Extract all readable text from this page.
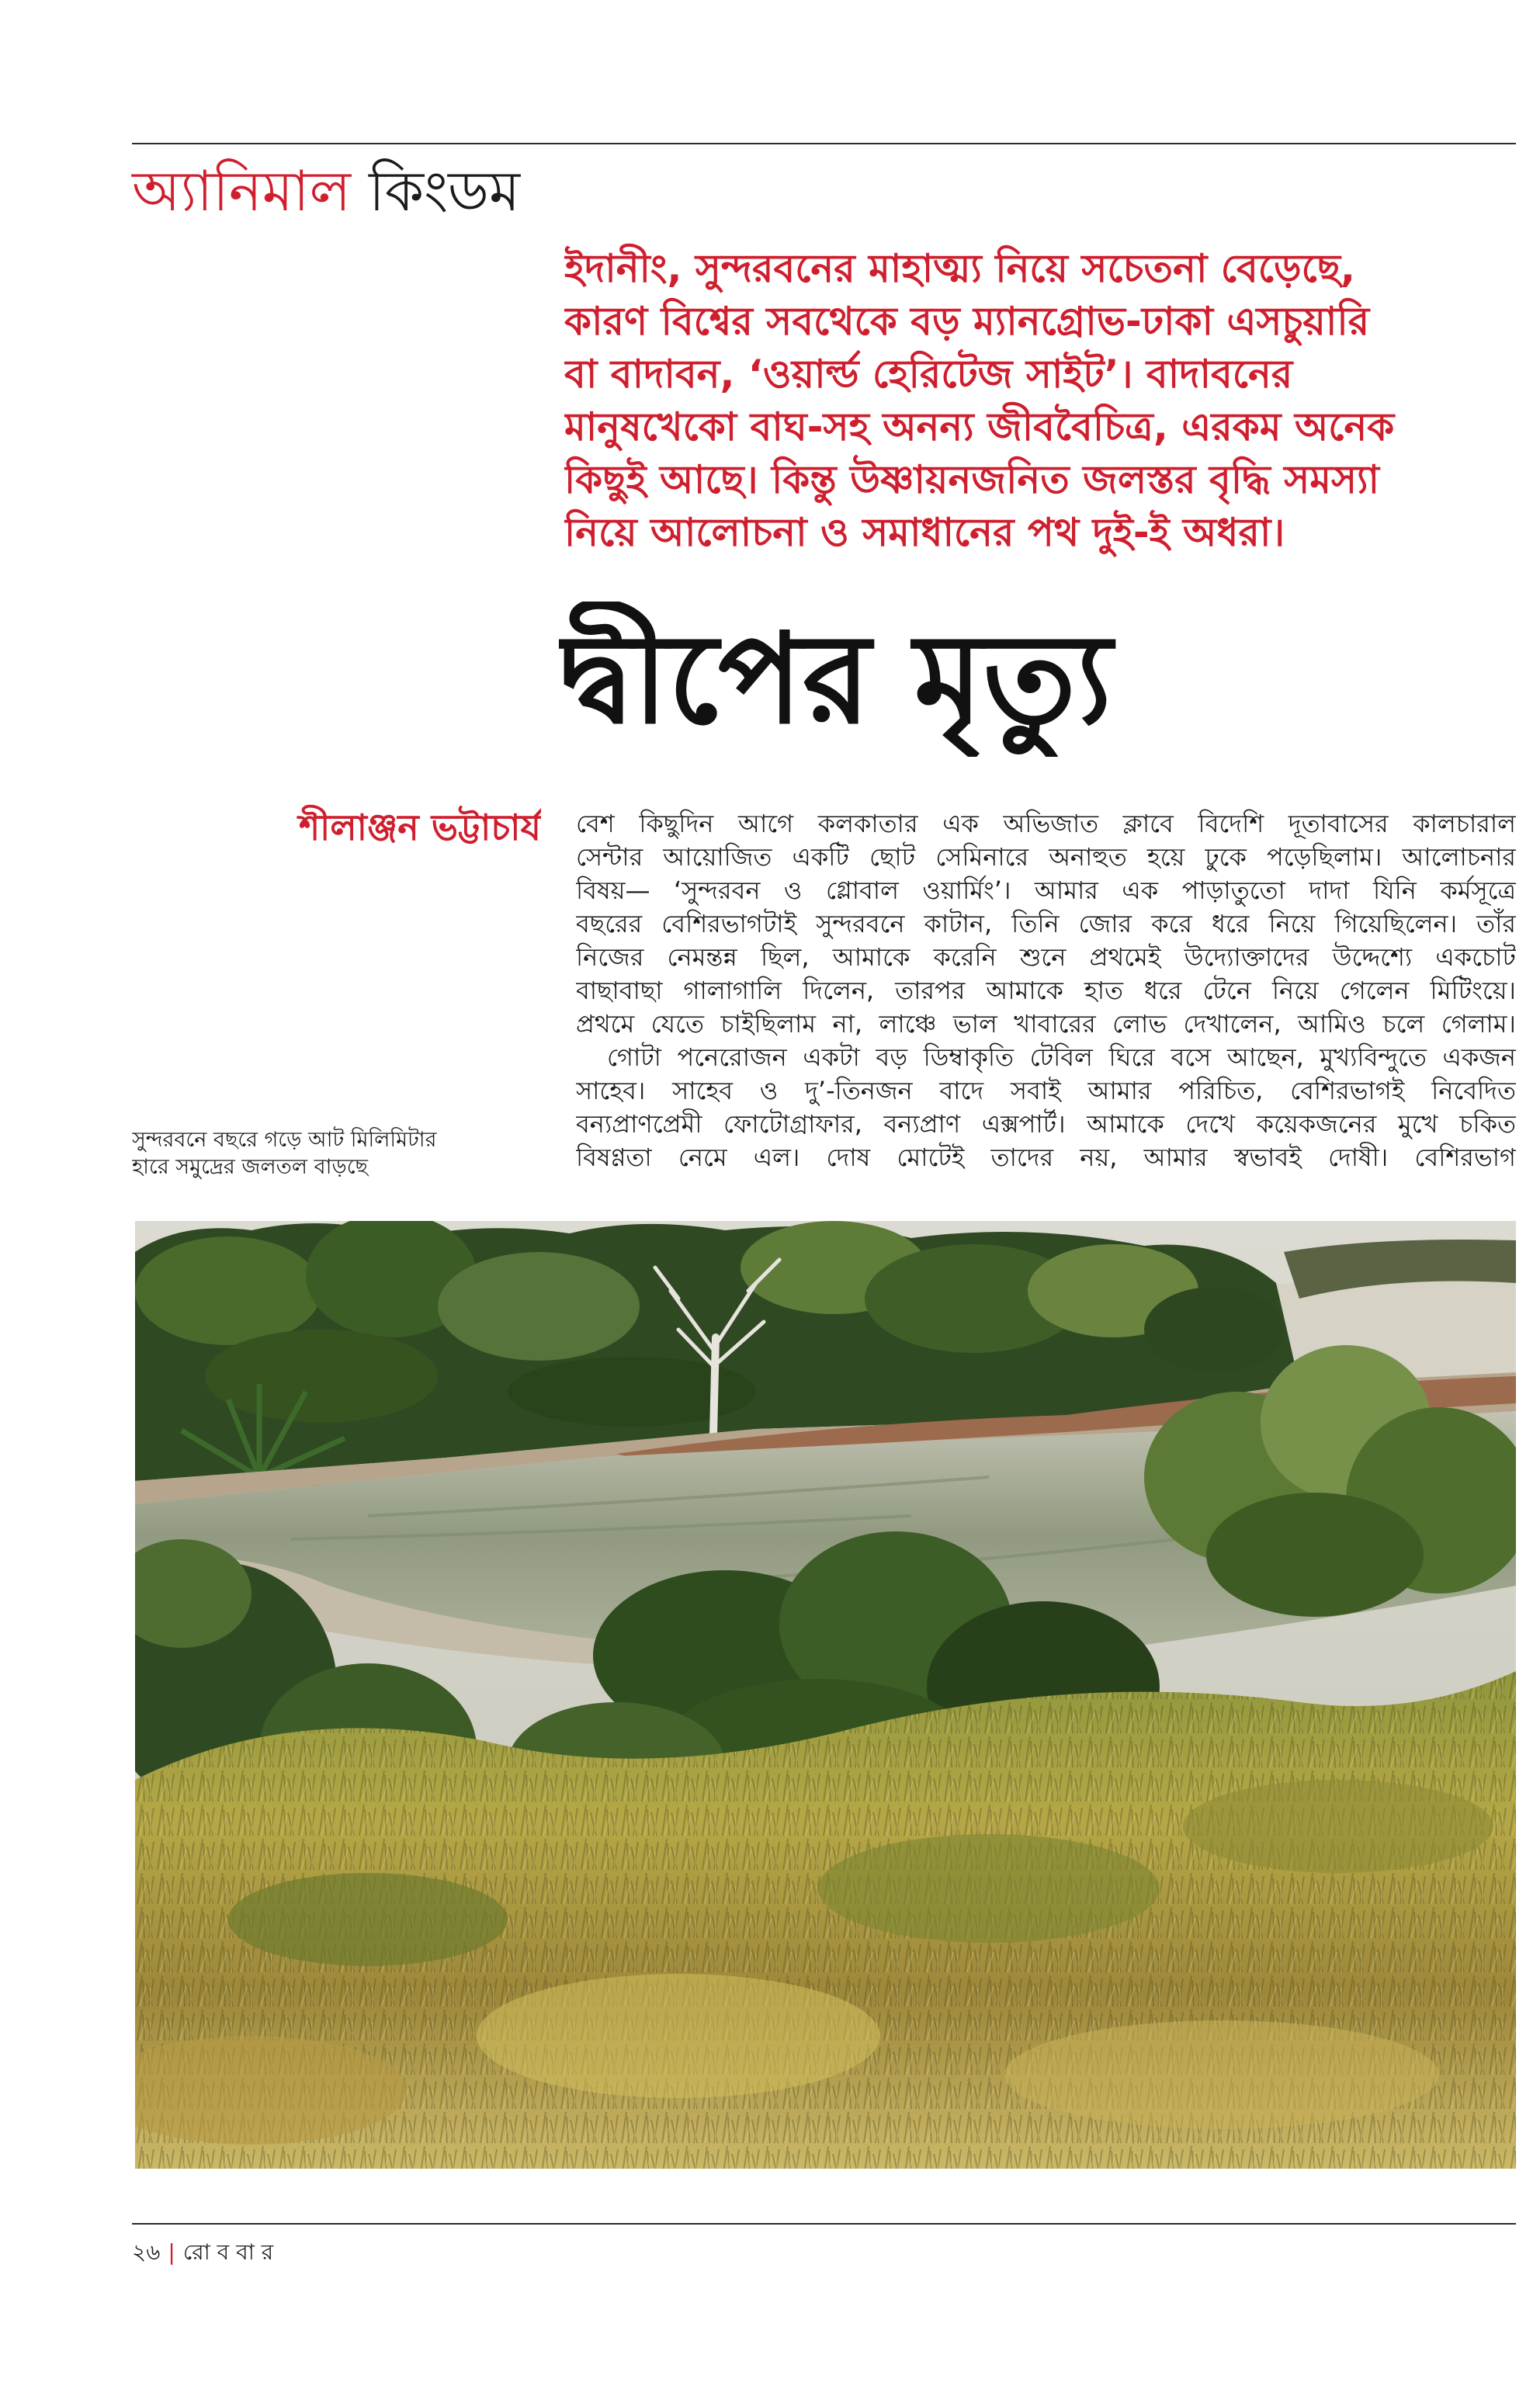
অ্যানিমাল কিংডম
ইদানীং, সুন্দরবনের মাহাত্ম্য নিয়ে সচেতনা বেড়েছে,
কারণ বিশ্বের সবথেকে বড় ম্যানগ্রোভ-ঢাকা এসচুয়ারি
বা বাদাবন, ‘ওয়ার্ল্ড হেরিটেজ সাইট’। বাদাবনের
মানুষখেকো বাঘ-সহ অনন্য জীববৈচিত্র, এরকম অনেক
কিছুই আছে। কিন্তু উষ্ণায়নজনিত জলস্তর বৃদ্ধি সমস্যা
নিয়ে আলোচনা ও সমাধানের পথ দুই-ই অধরা।
দ্বীপের মৃত্যু
শীলাঞ্জন ভট্টাচার্য বেশ কিছুদিন আগে কলকাতার এক অভিজাত ক্লাবে বিদেশি দূতাবাসের কালচারাল
সেন্টার আয়োজিত একটি ছোট সেমিনারে অনাহুত হয়ে ঢুকে পড়েছিলাম। আলোচনার
বিষয়— ‘সুন্দরবন ও গ্লোবাল ওয়ার্মিং’। আমার এক পাড়াতুতো দাদা যিনি কর্মসূত্রে
বছরের বেশিরভাগটাই সুন্দরবনে কাটান, তিনি জোর করে ধরে নিয়ে গিয়েছিলেন। তাঁর
নিজের নেমন্তন্ন ছিল, আমাকে করেনি শুনে প্রথমেই উদ্যোক্তাদের উদ্দেশ্যে একচোট
বাছাবাছা গালাগালি দিলেন, তারপর আমাকে হাত ধরে টেনে নিয়ে গেলেন মিটিংয়ে।
প্রথমে যেতে চাইছিলাম না, লাঞ্চে ভাল খাবারের লোভ দেখালেন, আমিও চলে গেলাম।
গোটা পনেরোজন একটা বড় ডিম্বাকৃতি টেবিল ঘিরে বসে আছেন, মুখ্যবিন্দুতে একজন
সাহেব। সাহেব ও দু’-তিনজন বাদে সবাই আমার পরিচিত, বেশিরভাগই নিবেদিত
বন্যপ্রাণপ্রেমী ফোটোগ্রাফার, বন্যপ্রাণ এক্সপার্ট। আমাকে দেখে কয়েকজনের মুখে চকিত
বিষণ্ণতা নেমে এল। দোষ মোটেই তাদের নয়, আমার স্বভাবই দোষী। বেশিরভাগ
সুন্দরবনে বছরে গড়ে আট মিলিমিটার
হারে সমুদ্রের জলতল বাড়ছে
২৬ | রো ব বা র
